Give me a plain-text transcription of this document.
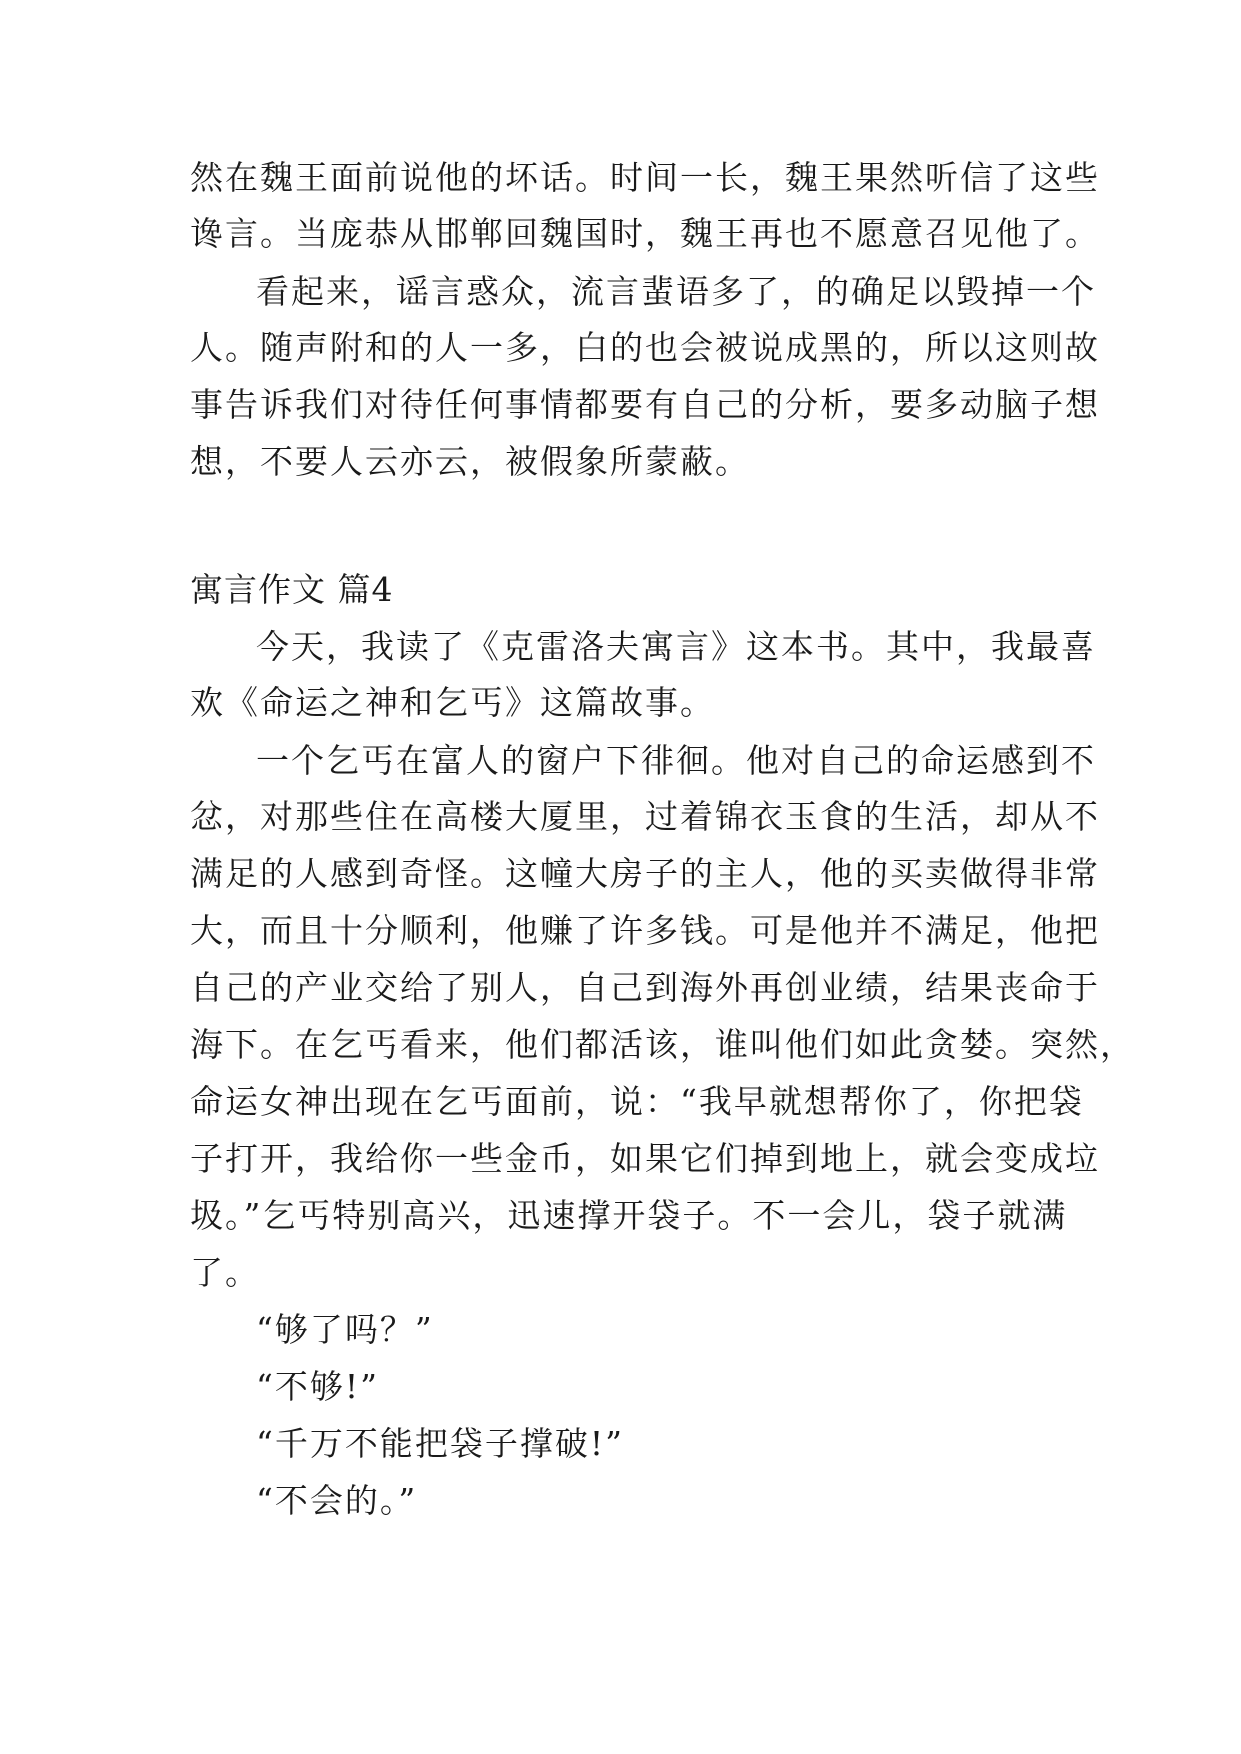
然在魏王面前说他的坏话。时间一长，魏王果然听信了这些
谗言。当庞恭从邯郸回魏国时，魏王再也不愿意召见他了。
看起来，谣言惑众，流言蜚语多了，的确足以毁掉一个
人。随声附和的人一多，白的也会被说成黑的，所以这则故
事告诉我们对待任何事情都要有自己的分析，要多动脑子想
想，不要人云亦云，被假象所蒙蔽。
寓言作文 篇4
今天，我读了《克雷洛夫寓言》这本书。其中，我最喜
欢《命运之神和乞丐》这篇故事。
一个乞丐在富人的窗户下徘徊。他对自己的命运感到不
忿，对那些住在高楼大厦里，过着锦衣玉食的生活，却从不
满足的人感到奇怪。这幢大房子的主人，他的买卖做得非常
大，而且十分顺利，他赚了许多钱。可是他并不满足，他把
自己的产业交给了别人，自己到海外再创业绩，结果丧命于
海下。在乞丐看来，他们都活该，谁叫他们如此贪婪。突然，
命运女神出现在乞丐面前，说：“我早就想帮你了，你把袋
子打开，我给你一些金币，如果它们掉到地上，就会变成垃
圾。”乞丐特别高兴，迅速撑开袋子。不一会儿，袋子就满
了。
“够了吗？”
“不够!”
“千万不能把袋子撑破!”
“不会的。”
